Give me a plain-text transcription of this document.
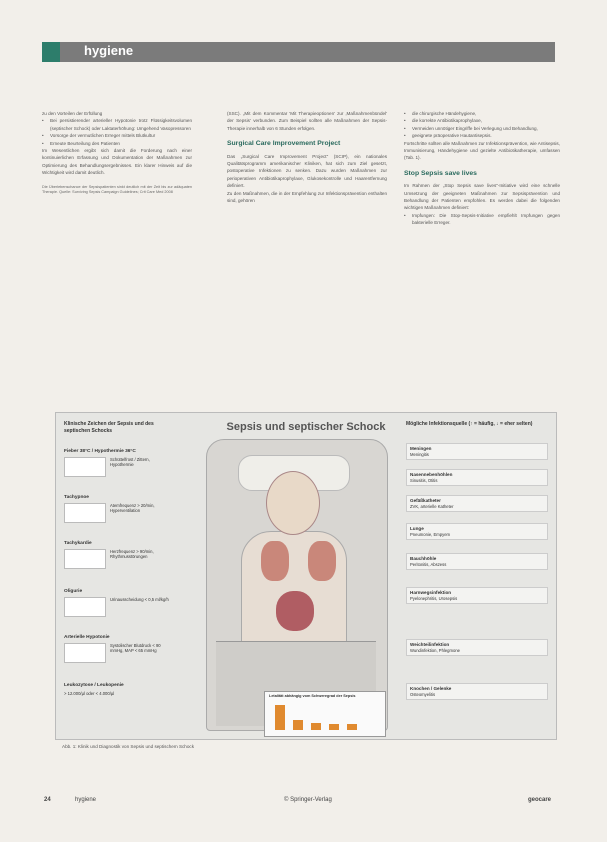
hygiene

zu den Vorteilen der Erfüllung

• Bei persistierender arterieller Hypotonie trotz Flüssigkeitsvolumen (septischer Schock) oder Laktaterhöhung: Umgehend Vasopressoren

• Vorsorge der vermutlichen Erreger mittels Blutkultur

• Erneute Beurteilung des Patienten

Im Wesentlichen ergibt sich damit die Forderung nach einer kontinuierlichen Erfassung und Dokumentation der Maßnahmen zur Optimierung des Behandlungsergebnisses. Ein klarer Hinweis auf die Wichtigkeit wird damit deutlich.

Die Überlebenschance der Sepsispatienten sinkt deutlich mit der Zeit bis zur adäquaten Therapie. Quelle: Surviving Sepsis Campaign Guidelines; Crit Care Med 2008

(SSC). „Mit dem Kommentar 'Mit Therapieoptionen' zur ‚Maßnahmenbündel' der Sepsis' verbunden. Zum Beispiel sollten alle Maßnahmen der Sepsis-Therapie innerhalb von 6 Stunden erfolgen.

Surgical Care Improvement Project

Das „Surgical Care Improvement Project" (SCIP), ein nationales Qualitätsprogramm amerikanischer Kliniken, hat sich zum Ziel gesetzt, postoperative Infektionen zu senken. Dazu wurden Maßnahmen zur perioperativen Antibiotikaprophylaxe, Glukosekontrolle und Haarentfernung definiert.

Zu den Maßnahmen, die in der Empfehlung zur Infektionsprävention enthalten sind, gehören

• die chirurgische Händehygiene,

• die korrekte Antibiotikaprophylaxe,

• Vermeiden unnötiger Eingriffe bei Verlegung und Behandlung,

• geeignete präoperative Hautantisepsis.

Fortschritte sollten alle Maßnahmen zur Infektionsprävention, wie Antisepsis, Immunisierung, Händehygiene und gezielte Antibiotikatherapie, umfassen (Tab. 1).

Stop Sepsis save lives

Im Rahmen der „Stop Sepsis save lives"-Initiative wird eine schnelle Umsetzung der geeigneten Maßnahmen zur Sepsisprävention und Behandlung der Patienten empfohlen. Es werden dabei die folgenden wichtigen Maßnahmen definiert:

• Impfungen: Die Stop-Sepsis-Initiative empfiehlt Impfungen gegen bakterielle Erreger.

Klinische Zeichen der Sepsis und des septischen Schocks	Sepsis und septischer Schock	Mögliche Infektionsquelle (↑ = häufig, ↓ = eher selten)
Fieber 38°C / Hypothermie 36°C
Schüttelfrost / Zittern, Hypothermie
Tachypnoe
Atemfrequenz > 20/min, Hyperventilation
Tachykardie
Herzfrequenz > 90/min, Rhythmusstörungen
Oligurie
Urinausscheidung < 0,5 ml/kg/h
Arterielle Hypotonie
Systolischer Blutdruck < 90 mmHg, MAP < 65 mmHg
Leukozytose / Leukopenie
> 12.000/µl oder < 4.000/µl
Meningen
Meningitis
Nasennebenhöhlen
Sinusitis, Otitis
Gefäßkatheter
ZVK, arterielle Katheter
Lunge
Pneumonie, Empyem
Bauchhöhle
Peritonitis, Abszess
Harnwegsinfektion
Pyelonephritis, Urosepsis
Weichteilinfektion
Wundinfektion, Phlegmone
Knochen / Gelenke
Osteomyelitis
Letalität abhängig vom Schweregrad der Sepsis
Abb. 1: Klinik und Diagnostik von Sepsis und septischem Schock
24	hygiene	© Springer-Verlag	geocare
